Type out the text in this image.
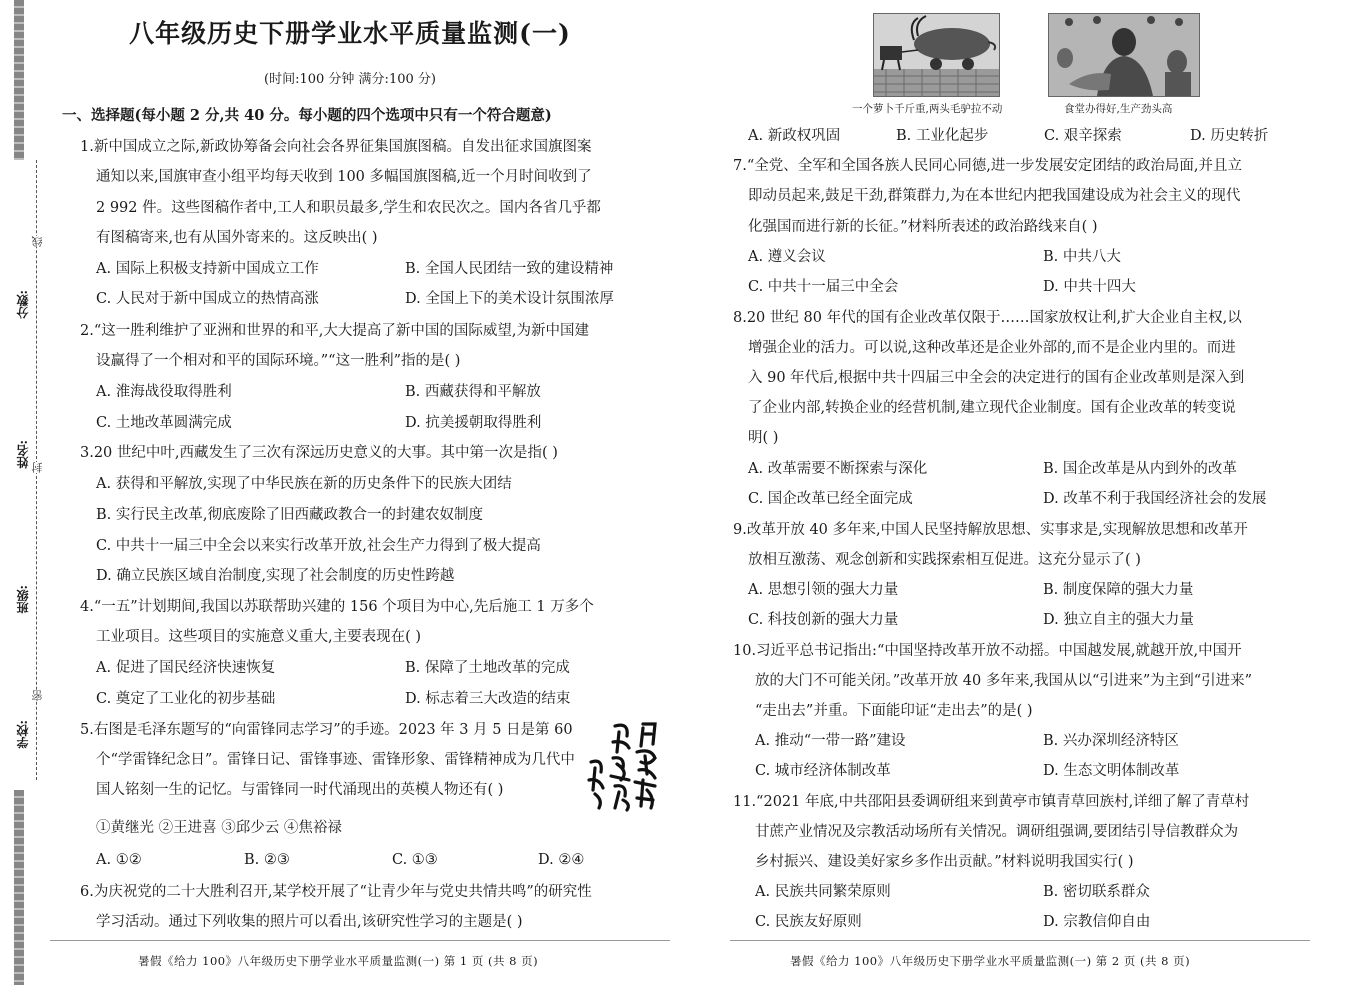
分数:
线
姓名: 封
班级:
密
学校:
八年级历史下册学业水平质量监测(一)
(时间:100 分钟 满分:100 分)
一、选择题(每小题 2 分,共 40 分。每小题的四个选项中只有一个符合题意)
1.新中国成立之际,新政协筹备会向社会各界征集国旗图稿。自发出征求国旗图案
通知以来,国旗审查小组平均每天收到 100 多幅国旗图稿,近一个月时间收到了
2 992 件。这些图稿作者中,工人和职员最多,学生和农民次之。国内各省几乎都
有图稿寄来,也有从国外寄来的。这反映出( )
A. 国际上积极支持新中国成立工作	B. 全国人民团结一致的建设精神
C. 人民对于新中国成立的热情高涨	D. 全国上下的美术设计氛围浓厚
2.“这一胜利维护了亚洲和世界的和平,大大提高了新中国的国际威望,为新中国建
设赢得了一个相对和平的国际环境。”“这一胜利”指的是( )
A. 淮海战役取得胜利	B. 西藏获得和平解放
C. 土地改革圆满完成	D. 抗美援朝取得胜利
3.20 世纪中叶,西藏发生了三次有深远历史意义的大事。其中第一次是指( )
A. 获得和平解放,实现了中华民族在新的历史条件下的民族大团结
B. 实行民主改革,彻底废除了旧西藏政教合一的封建农奴制度
C. 中共十一届三中全会以来实行改革开放,社会生产力得到了极大提高
D. 确立民族区域自治制度,实现了社会制度的历史性跨越
4.“一五”计划期间,我国以苏联帮助兴建的 156 个项目为中心,先后施工 1 万多个
工业项目。这些项目的实施意义重大,主要表现在( )
A. 促进了国民经济快速恢复	B. 保障了土地改革的完成
C. 奠定了工业化的初步基础	D. 标志着三大改造的结束
5.右图是毛泽东题写的“向雷锋同志学习”的手迹。2023 年 3 月 5 日是第 60
个“学雷锋纪念日”。雷锋日记、雷锋事迹、雷锋形象、雷锋精神成为几代中
国人铭刻一生的记忆。与雷锋同一时代涌现出的英模人物还有( )
①黄继光 ②王进喜 ③邱少云 ④焦裕禄
A. ①②	B. ②③	C. ①③	D. ②④
6.为庆祝党的二十大胜利召开,某学校开展了“让青少年与党史共情共鸣”的研究性
学习活动。通过下列收集的照片可以看出,该研究性学习的主题是( )
暑假《给力 100》八年级历史下册学业水平质量监测(一) 第 1 页 (共 8 页)
一个萝卜千斤重,两头毛驴拉不动	食堂办得好,生产劲头高
A. 新政权巩固	B. 工业化起步	C. 艰辛探索	D. 历史转折
7.“全党、全军和全国各族人民同心同德,进一步发展安定团结的政治局面,并且立
即动员起来,鼓足干劲,群策群力,为在本世纪内把我国建设成为社会主义的现代
化强国而进行新的长征。”材料所表述的政治路线来自( )
A. 遵义会议	B. 中共八大
C. 中共十一届三中全会	D. 中共十四大
8.20 世纪 80 年代的国有企业改革仅限于……国家放权让利,扩大企业自主权,以
增强企业的活力。可以说,这种改革还是企业外部的,而不是企业内里的。而进
入 90 年代后,根据中共十四届三中全会的决定进行的国有企业改革则是深入到
了企业内部,转换企业的经营机制,建立现代企业制度。国有企业改革的转变说
明( )
A. 改革需要不断探索与深化	B. 国企改革是从内到外的改革
C. 国企改革已经全面完成	D. 改革不利于我国经济社会的发展
9.改革开放 40 多年来,中国人民坚持解放思想、实事求是,实现解放思想和改革开
放相互激荡、观念创新和实践探索相互促进。这充分显示了( )
A. 思想引领的强大力量	B. 制度保障的强大力量
C. 科技创新的强大力量	D. 独立自主的强大力量
10.习近平总书记指出:“中国坚持改革开放不动摇。中国越发展,就越开放,中国开
放的大门不可能关闭。”改革开放 40 多年来,我国从以“引进来”为主到“引进来”
“走出去”并重。下面能印证“走出去”的是( )
A. 推动“一带一路”建设	B. 兴办深圳经济特区
C. 城市经济体制改革	D. 生态文明体制改革
11.“2021 年底,中共邵阳县委调研组来到黄亭市镇青草回族村,详细了解了青草村
甘蔗产业情况及宗教活动场所有关情况。调研组强调,要团结引导信教群众为
乡村振兴、建设美好家乡多作出贡献。”材料说明我国实行( )
A. 民族共同繁荣原则	B. 密切联系群众
C. 民族友好原则	D. 宗教信仰自由
暑假《给力 100》八年级历史下册学业水平质量监测(一) 第 2 页 (共 8 页)
